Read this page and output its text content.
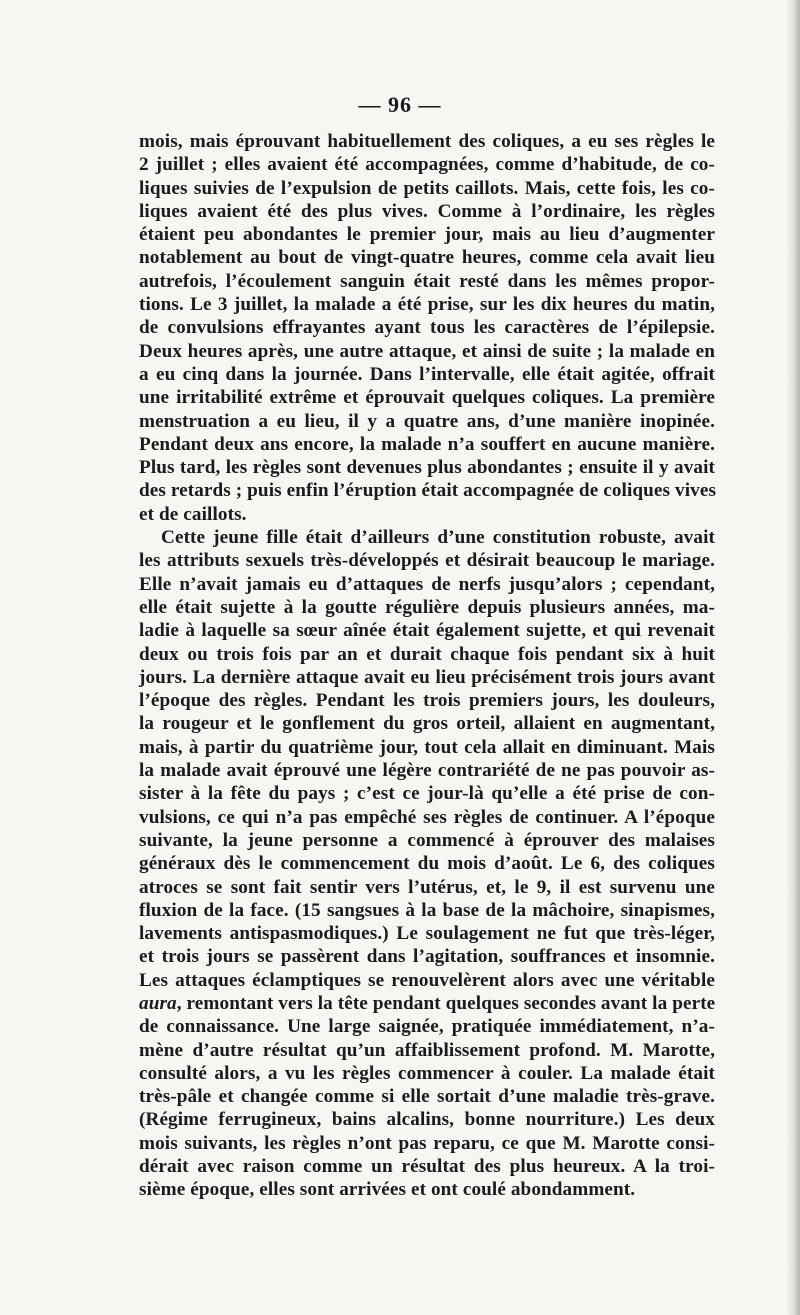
— 96 —
mois, mais éprouvant habituellement des coliques, a eu ses règles le
2 juillet ; elles avaient été accompagnées, comme d’habitude, de co-
liques suivies de l’expulsion de petits caillots. Mais, cette fois, les co-
liques avaient été des plus vives. Comme à l’ordinaire, les règles
étaient peu abondantes le premier jour, mais au lieu d’augmenter
notablement au bout de vingt-quatre heures, comme cela avait lieu
autrefois, l’écoulement sanguin était resté dans les mêmes propor-
tions. Le 3 juillet, la malade a été prise, sur les dix heures du matin,
de convulsions effrayantes ayant tous les caractères de l’épilepsie.
Deux heures après, une autre attaque, et ainsi de suite ; la malade en
a eu cinq dans la journée. Dans l’intervalle, elle était agitée, offrait
une irritabilité extrême et éprouvait quelques coliques. La première
menstruation a eu lieu, il y a quatre ans, d’une manière inopinée.
Pendant deux ans encore, la malade n’a souffert en aucune manière.
Plus tard, les règles sont devenues plus abondantes ; ensuite il y avait
des retards ; puis enfin l’éruption était accompagnée de coliques vives
et de caillots.
Cette jeune fille était d’ailleurs d’une constitution robuste, avait
les attributs sexuels très-développés et désirait beaucoup le mariage.
Elle n’avait jamais eu d’attaques de nerfs jusqu’alors ; cependant,
elle était sujette à la goutte régulière depuis plusieurs années, ma-
ladie à laquelle sa sœur aînée était également sujette, et qui revenait
deux ou trois fois par an et durait chaque fois pendant six à huit
jours. La dernière attaque avait eu lieu précisément trois jours avant
l’époque des règles. Pendant les trois premiers jours, les douleurs,
la rougeur et le gonflement du gros orteil, allaient en augmentant,
mais, à partir du quatrième jour, tout cela allait en diminuant. Mais
la malade avait éprouvé une légère contrariété de ne pas pouvoir as-
sister à la fête du pays ; c’est ce jour-là qu’elle a été prise de con-
vulsions, ce qui n’a pas empêché ses règles de continuer. A l’époque
suivante, la jeune personne a commencé à éprouver des malaises
généraux dès le commencement du mois d’août. Le 6, des coliques
atroces se sont fait sentir vers l’utérus, et, le 9, il est survenu une
fluxion de la face. (15 sangsues à la base de la mâchoire, sinapismes,
lavements antispasmodiques.) Le soulagement ne fut que très-léger,
et trois jours se passèrent dans l’agitation, souffrances et insomnie.
Les attaques éclamptiques se renouvelèrent alors avec une véritable
aura, remontant vers la tête pendant quelques secondes avant la perte
de connaissance. Une large saignée, pratiquée immédiatement, n’a-
mène d’autre résultat qu’un affaiblissement profond. M. Marotte,
consulté alors, a vu les règles commencer à couler. La malade était
très-pâle et changée comme si elle sortait d’une maladie très-grave.
(Régime ferrugineux, bains alcalins, bonne nourriture.) Les deux
mois suivants, les règles n’ont pas reparu, ce que M. Marotte consi-
dérait avec raison comme un résultat des plus heureux. A la troi-
sième époque, elles sont arrivées et ont coulé abondamment.
